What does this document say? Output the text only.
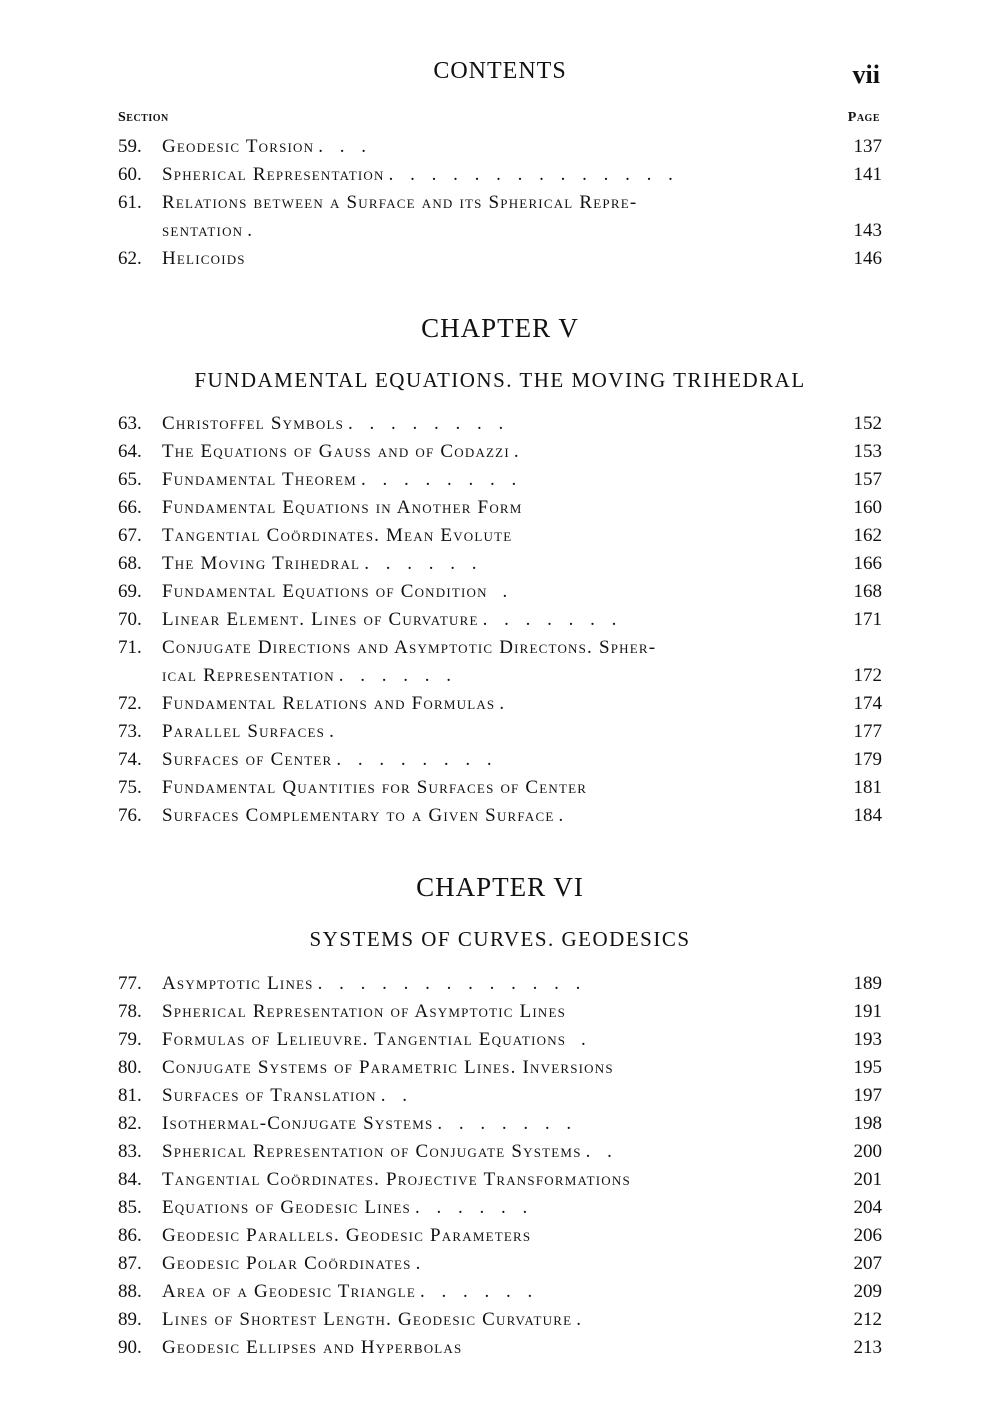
CONTENTS	vii
Section	Page
59.	Geodesic Torsion . . .	137
60.	Spherical Representation . . . . . . . . . . . . . .	141
61.	Relations between a Surface and its Spherical Repre-
sentation .	143
62.	Helicoids	146
CHAPTER V
FUNDAMENTAL EQUATIONS. THE MOVING TRIHEDRAL
63.	Christoffel Symbols . . . . . . . .	152
64.	The Equations of Gauss and of Codazzi .	153
65.	Fundamental Theorem . . . . . . . .	157
66.	Fundamental Equations in Another Form	160
67.	Tangential Coördinates. Mean Evolute	162
68.	The Moving Trihedral . . . . . .	166
69.	Fundamental Equations of Condition .	168
70.	Linear Element. Lines of Curvature . . . . . . .	171
71.	Conjugate Directions and Asymptotic Directons. Spher-
ical Representation . . . . . .	172
72.	Fundamental Relations and Formulas .	174
73.	Parallel Surfaces .	177
74.	Surfaces of Center . . . . . . . .	179
75.	Fundamental Quantities for Surfaces of Center	181
76.	Surfaces Complementary to a Given Surface .	184
CHAPTER VI
SYSTEMS OF CURVES. GEODESICS
77.	Asymptotic Lines . . . . . . . . . . . . .	189
78.	Spherical Representation of Asymptotic Lines	191
79.	Formulas of Lelieuvre. Tangential Equations .	193
80.	Conjugate Systems of Parametric Lines. Inversions	195
81.	Surfaces of Translation . .	197
82.	Isothermal-Conjugate Systems . . . . . . .	198
83.	Spherical Representation of Conjugate Systems . .	200
84.	Tangential Coördinates. Projective Transformations	201
85.	Equations of Geodesic Lines . . . . . .	204
86.	Geodesic Parallels. Geodesic Parameters	206
87.	Geodesic Polar Coördinates .	207
88.	Area of a Geodesic Triangle . . . . . .	209
89.	Lines of Shortest Length. Geodesic Curvature .	212
90.	Geodesic Ellipses and Hyperbolas	213
